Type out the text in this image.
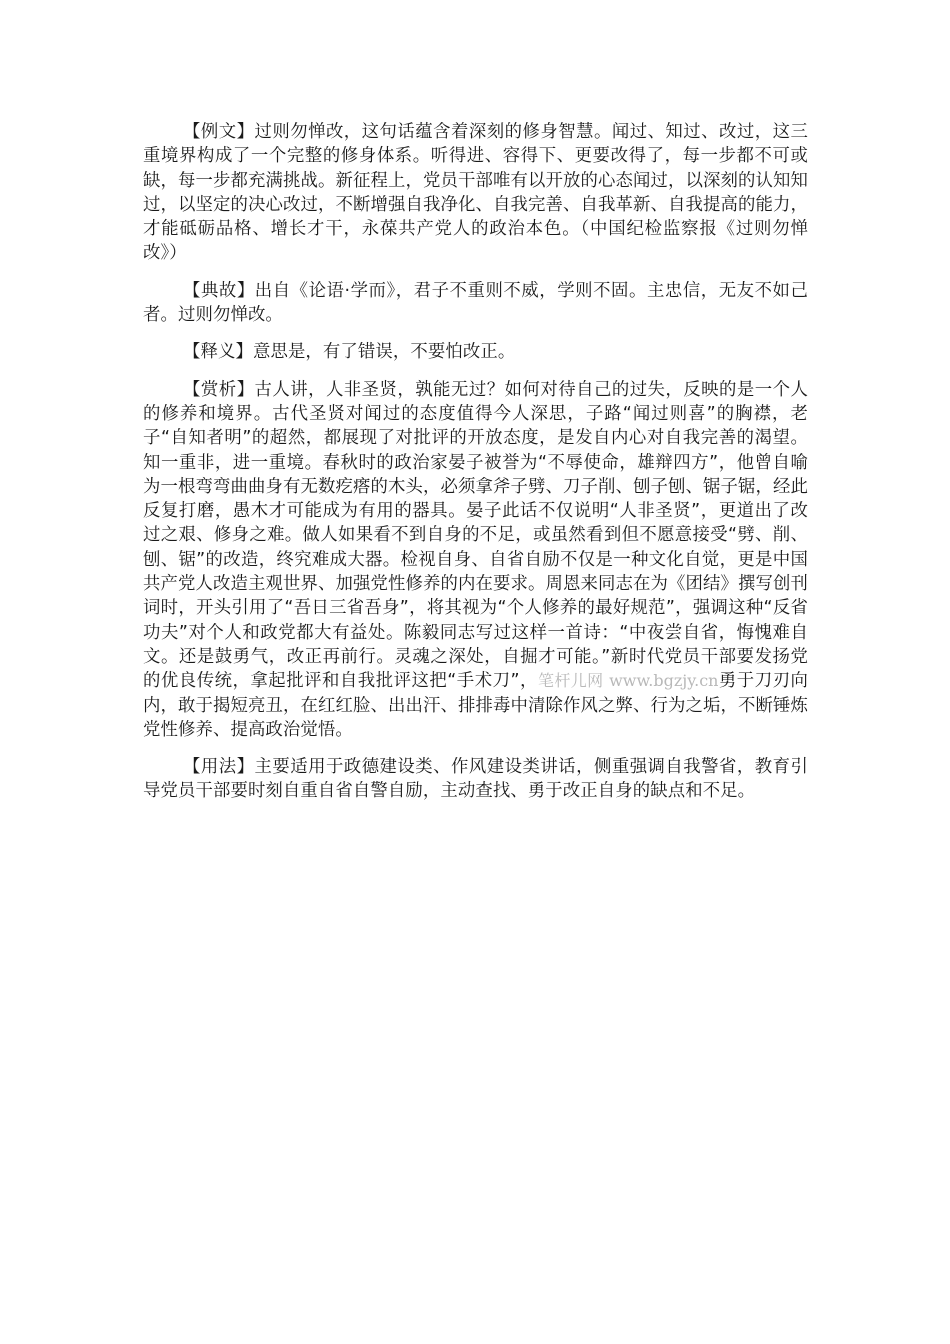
【例文】过则勿惮改，这句话蕴含着深刻的修身智慧。闻过、知过、改过，这三重境界构成了一个完整的修身体系。听得进、容得下、更要改得了，每一步都不可或缺，每一步都充满挑战。新征程上，党员干部唯有以开放的心态闻过，以深刻的认知知过，以坚定的决心改过，不断增强自我净化、自我完善、自我革新、自我提高的能力，才能砥砺品格、增长才干，永葆共产党人的政治本色。（中国纪检监察报《过则勿惮改》）

【典故】出自《论语·学而》，君子不重则不威，学则不固。主忠信，无友不如己者。过则勿惮改。

【释义】意思是，有了错误，不要怕改正。

【赏析】古人讲，人非圣贤，孰能无过？如何对待自己的过失，反映的是一个人的修养和境界。古代圣贤对闻过的态度值得今人深思，子路“闻过则喜”的胸襟，老子“自知者明”的超然，都展现了对批评的开放态度，是发自内心对自我完善的渴望。知一重非，进一重境。春秋时的政治家晏子被誉为“不辱使命，雄辩四方”，他曾自喻为一根弯弯曲曲身有无数疙瘩的木头，必须拿斧子劈、刀子削、刨子刨、锯子锯，经此反复打磨，愚木才可能成为有用的器具。晏子此话不仅说明“人非圣贤”，更道出了改过之艰、修身之难。做人如果看不到自身的不足，或虽然看到但不愿意接受“劈、削、刨、锯”的改造，终究难成大器。检视自身、自省自励不仅是一种文化自觉，更是中国共产党人改造主观世界、加强党性修养的内在要求。周恩来同志在为《团结》撰写创刊词时，开头引用了“吾日三省吾身”，将其视为“个人修养的最好规范”，强调这种“反省功夫”对个人和政党都大有益处。陈毅同志写过这样一首诗：“中夜尝自省，悔愧难自文。还是鼓勇气，改正再前行。灵魂之深处，自掘才可能。”新时代党员干部要发扬党的优良传统，拿起批评和自我批评这把“手术刀”，笔杆儿网 www.bgzjy.cn勇于刀刃向内，敢于揭短亮丑，在红红脸、出出汗、排排毒中清除作风之弊、行为之垢，不断锤炼党性修养、提高政治觉悟。

【用法】主要适用于政德建设类、作风建设类讲话，侧重强调自我警省，教育引导党员干部要时刻自重自省自警自励，主动查找、勇于改正自身的缺点和不足。
